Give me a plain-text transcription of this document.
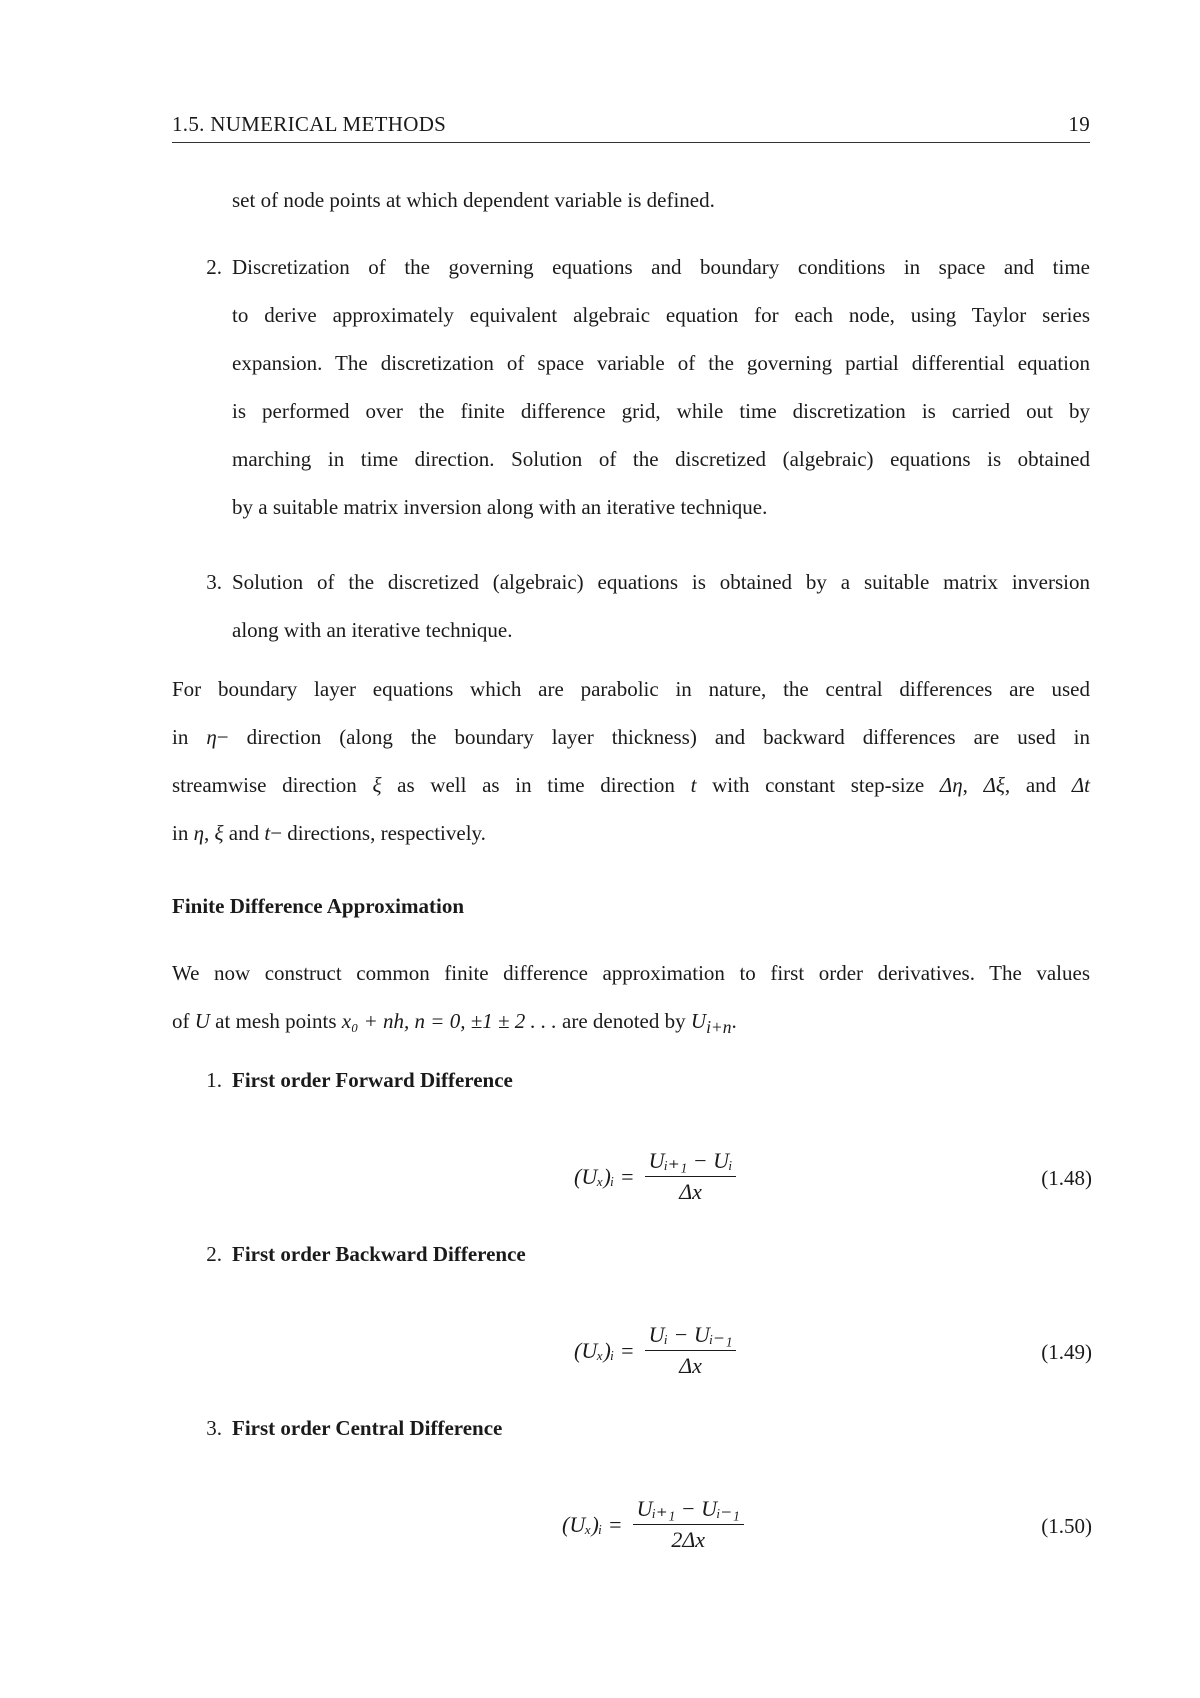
1.5. NUMERICAL METHODS	19
set of node points at which dependent variable is defined.
2. Discretization of the governing equations and boundary conditions in space and time
to derive approximately equivalent algebraic equation for each node, using Taylor series
expansion. The discretization of space variable of the governing partial differential equation
is performed over the finite difference grid, while time discretization is carried out by
marching in time direction. Solution of the discretized (algebraic) equations is obtained
by a suitable matrix inversion along with an iterative technique.
3. Solution of the discretized (algebraic) equations is obtained by a suitable matrix inversion
along with an iterative technique.
For boundary layer equations which are parabolic in nature, the central differences are used
in η− direction (along the boundary layer thickness) and backward differences are used in
streamwise direction ξ as well as in time direction t with constant step-size Δη, Δξ, and Δt
in η, ξ and t− directions, respectively.
Finite Difference Approximation
We now construct common finite difference approximation to first order derivatives. The values
of U at mesh points x₀ + nh, n = 0, ±1 ± 2 . . . are denoted by $U_{i+n}$.
1. First order Forward Difference
(Uₓ)ᵢ = $\frac{\text{Uᵢ₊₁ − Uᵢ}}{\Delta x}$	(1.48)
2. First order Backward Difference
(Uₓ)ᵢ = $\frac{\text{Uᵢ − Uᵢ₋₁}}{\Delta x}$	(1.49)
3. First order Central Difference
(Uₓ)ᵢ = $\frac{\text{Uᵢ₊₁ − Uᵢ₋₁}}{2\Delta x}$	(1.50)
